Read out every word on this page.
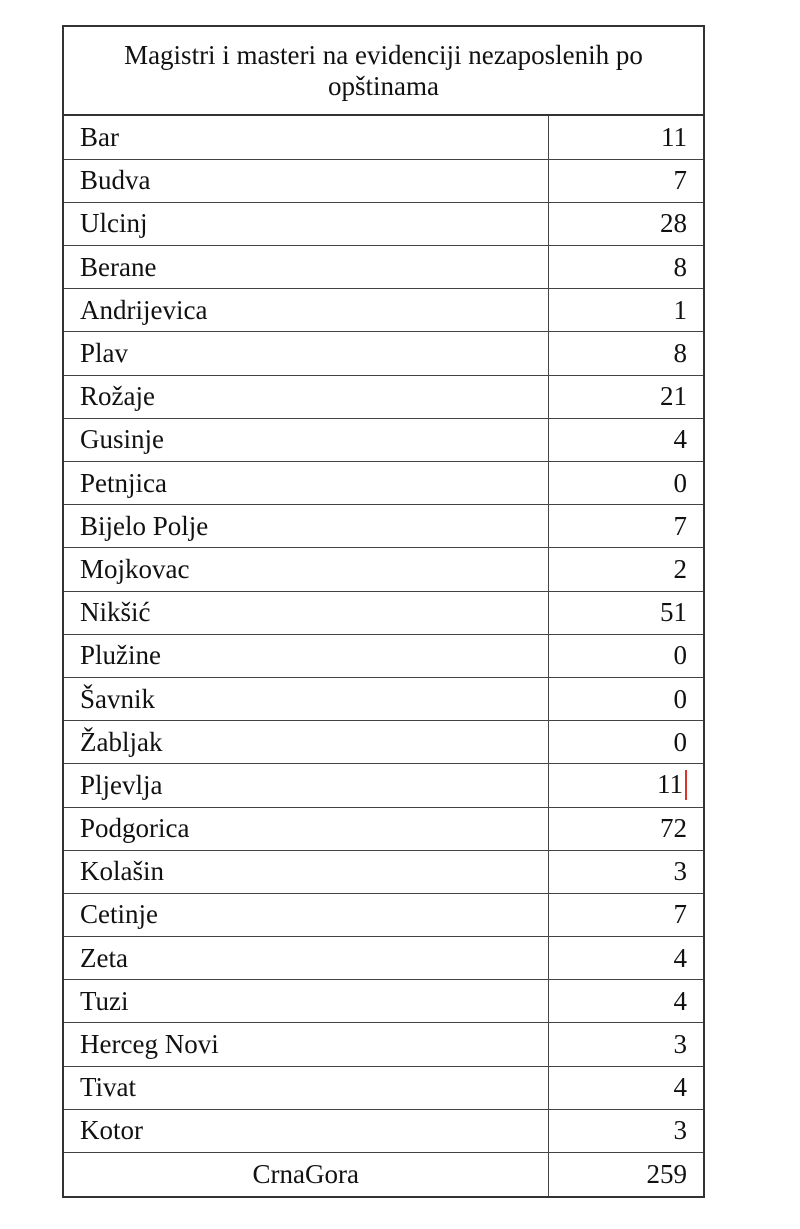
Magistri i masteri na evidenciji nezaposlenih po opštinama
Bar	11
Budva	7
Ulcinj	28
Berane	8
Andrijevica	1
Plav	8
Rožaje	21
Gusinje	4
Petnjica	0
Bijelo Polje	7
Mojkovac	2
Nikšić	51
Plužine	0
Šavnik	0
Žabljak	0
Pljevlja	11
Podgorica	72
Kolašin	3
Cetinje	7
Zeta	4
Tuzi	4
Herceg Novi	3
Tivat	4
Kotor	3
CrnaGora	259
